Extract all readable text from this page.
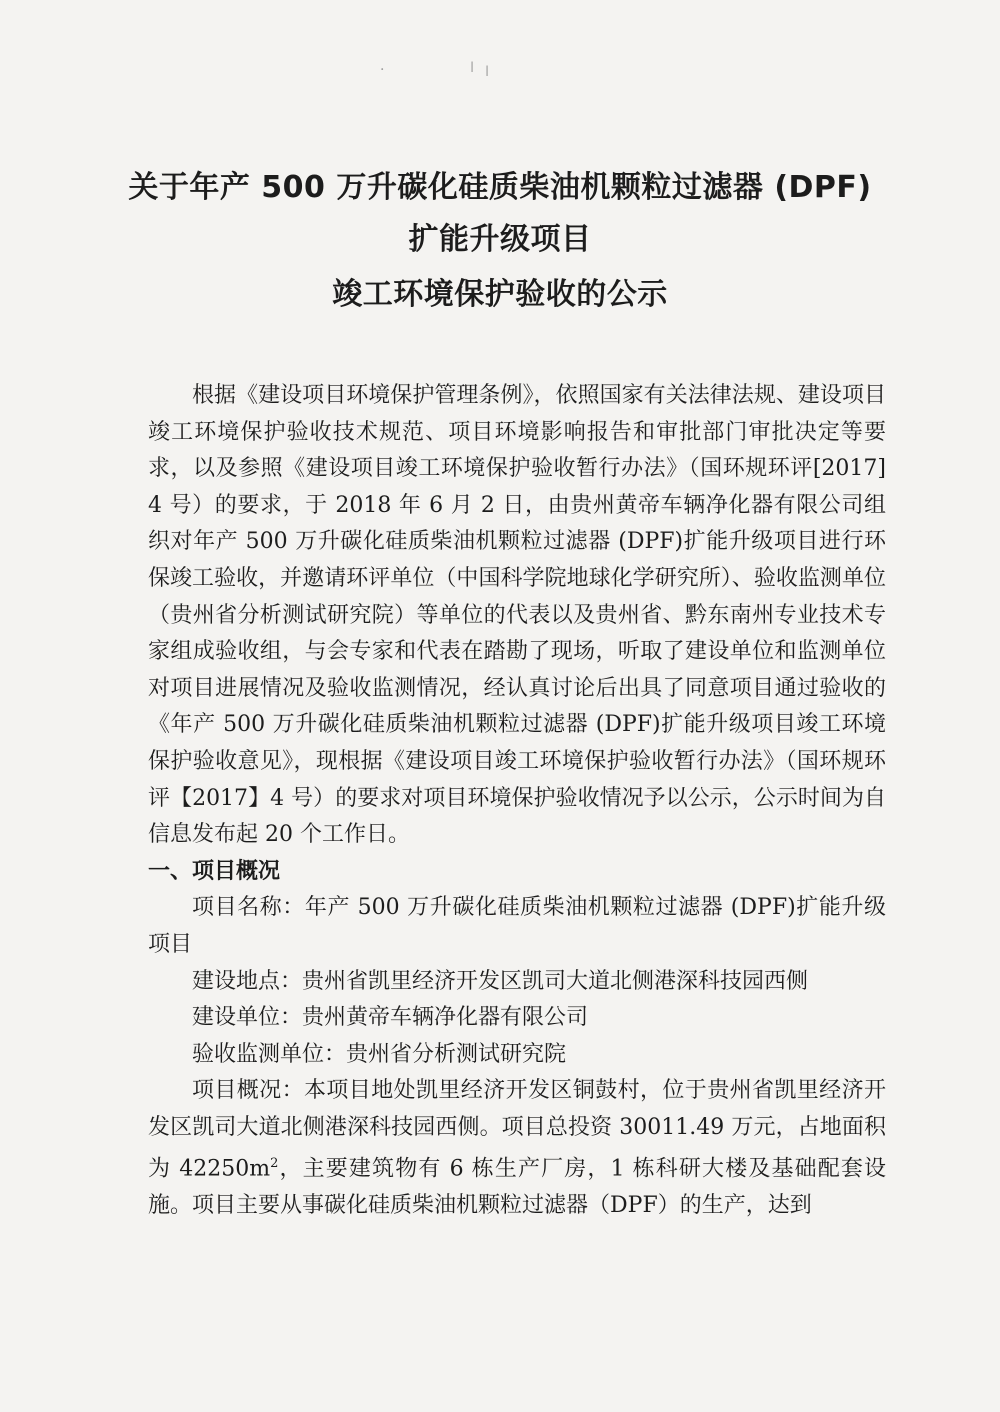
·	ǀ ǀ
关于年产 500 万升碳化硅质柴油机颗粒过滤器 (DPF)
扩能升级项目
竣工环境保护验收的公示

根据《建设项目环境保护管理条例》，依照国家有关法律法规、建设项目竣工环境保护验收技术规范、项目环境影响报告和审批部门审批决定等要求，以及参照《建设项目竣工环境保护验收暂行办法》（国环规环评[2017] 4 号）的要求，于 2018 年 6 月 2 日，由贵州黄帝车辆净化器有限公司组织对年产 500 万升碳化硅质柴油机颗粒过滤器 (DPF)扩能升级项目进行环保竣工验收，并邀请环评单位（中国科学院地球化学研究所）、验收监测单位（贵州省分析测试研究院）等单位的代表以及贵州省、黔东南州专业技术专家组成验收组，与会专家和代表在踏勘了现场，听取了建设单位和监测单位对项目进展情况及验收监测情况，经认真讨论后出具了同意项目通过验收的《年产 500 万升碳化硅质柴油机颗粒过滤器 (DPF)扩能升级项目竣工环境保护验收意见》，现根据《建设项目竣工环境保护验收暂行办法》（国环规环评【2017】4 号）的要求对项目环境保护验收情况予以公示，公示时间为自信息发布起 20 个工作日。

一、项目概况

项目名称：年产 500 万升碳化硅质柴油机颗粒过滤器 (DPF)扩能升级项目

建设地点：贵州省凯里经济开发区凯司大道北侧港深科技园西侧

建设单位：贵州黄帝车辆净化器有限公司

验收监测单位：贵州省分析测试研究院

项目概况：本项目地处凯里经济开发区铜鼓村，位于贵州省凯里经济开发区凯司大道北侧港深科技园西侧。项目总投资 30011.49 万元，占地面积为 $42250m^2$，主要建筑物有 6 栋生产厂房，1 栋科研大楼及基础配套设施。项目主要从事碳化硅质柴油机颗粒过滤器（DPF）的生产，达到
